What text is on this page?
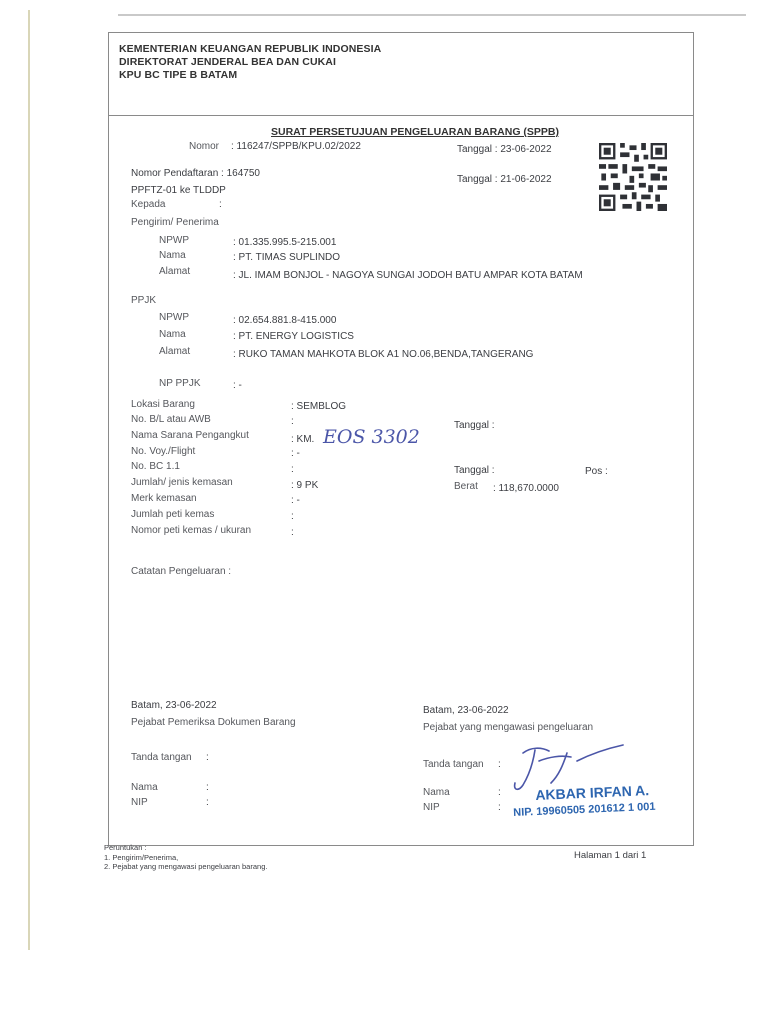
KEMENTERIAN KEUANGAN REPUBLIK INDONESIA
DIREKTORAT JENDERAL BEA DAN CUKAI
KPU BC TIPE B BATAM
SURAT PERSETUJUAN PENGELUARAN BARANG (SPPB)
Nomor : 116247/SPPB/KPU.02/2022	Tanggal : 23-06-2022
Nomor Pendaftaran : 164750
Tanggal : 21-06-2022
PPFTZ-01 ke TLDDP
Kepada	:
Pengirim/ Penerima
NPWP	: 01.335.995.5-215.001
Nama	: PT. TIMAS SUPLINDO
Alamat	: JL. IMAM BONJOL - NAGOYA SUNGAI JODOH BATU AMPAR KOTA BATAM
PPJK
NPWP	: 02.654.881.8-415.000
Nama	: PT. ENERGY LOGISTICS
Alamat	: RUKO TAMAN MAHKOTA BLOK A1 NO.06,BENDA,TANGERANG
NP PPJK	: -
Lokasi Barang	: SEMBLOG
No. B/L atau AWB	:	Tanggal :
Nama Sarana Pengangkut	: KM. EOS 3302
No. Voy./Flight	: -
No. BC 1.1	:	Tanggal :	Pos :
Jumlah/ jenis kemasan	: 9 PK	Berat : 118,670.0000
Merk kemasan	: -
Jumlah peti kemas	:
Nomor peti kemas / ukuran	:
Catatan Pengeluaran :
Batam, 23-06-2022
Pejabat Pemeriksa Dokumen Barang
Tanda tangan :
Nama	:
NIP	:
Batam, 23-06-2022
Pejabat yang mengawasi pengeluaran
Tanda tangan :
Nama	:
NIP	:
AKBAR IRFAN A.
NIP. 19960505 201612 1 001
Peruntukan :
1. Pengirim/Penerima,
2. Pejabat yang mengawasi pengeluaran barang.
Halaman 1 dari 1
